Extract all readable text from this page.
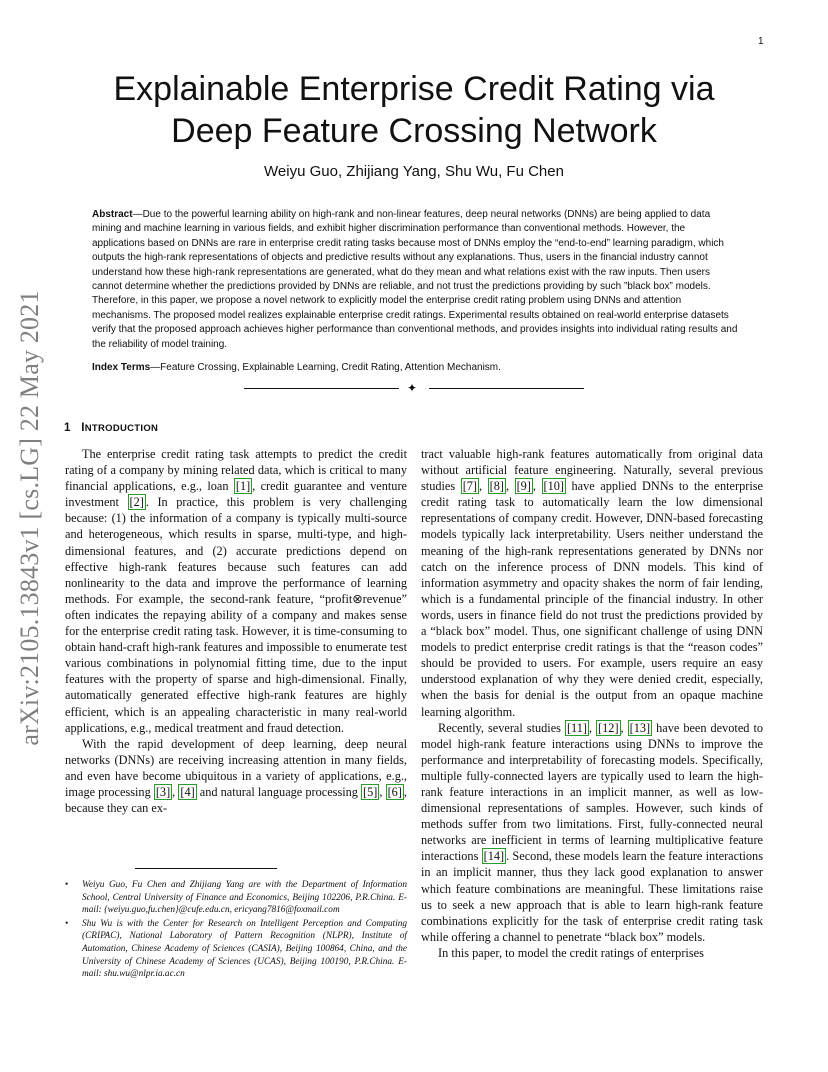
1
arXiv:2105.13843v1 [cs.LG] 22 May 2021
Explainable Enterprise Credit Rating via
Deep Feature Crossing Network
Weiyu Guo, Zhijiang Yang, Shu Wu, Fu Chen
Abstract—Due to the powerful learning ability on high-rank and non-linear features, deep neural networks (DNNs) are being applied to data mining and machine learning in various fields, and exhibit higher discrimination performance than conventional methods. However, the applications based on DNNs are rare in enterprise credit rating tasks because most of DNNs employ the “end-to-end” learning paradigm, which outputs the high-rank representations of objects and predictive results without any explanations. Thus, users in the financial industry cannot understand how these high-rank representations are generated, what do they mean and what relations exist with the raw inputs. Then users cannot determine whether the predictions provided by DNNs are reliable, and not trust the predictions providing by such ”black box” models. Therefore, in this paper, we propose a novel network to explicitly model the enterprise credit rating problem using DNNs and attention mechanisms. The proposed model realizes explainable enterprise credit ratings. Experimental results obtained on real-world enterprise datasets verify that the proposed approach achieves higher performance than conventional methods, and provides insights into individual rating results and the reliability of model training.
Index Terms—Feature Crossing, Explainable Learning, Credit Rating, Attention Mechanism.
✦
1 INTRODUCTION

The enterprise credit rating task attempts to predict the credit rating of a company by mining related data, which is critical to many financial applications, e.g., loan [1] , credit guarantee and venture investment [2] . In practice, this problem is very challenging because: (1) the information of a company is typically multi-source and heterogeneous, which results in sparse, multi-type, and high-dimensional features, and (2) accurate predictions depend on effective high-rank features because such features can add nonlinearity to the data and improve the performance of learning methods. For example, the second-rank feature, “profit⊗revenue” often indicates the repaying ability of a company and makes sense for the enterprise credit rating task. However, it is time-consuming to obtain hand-craft high-rank features and impossible to enumerate test various combinations in polynomial fitting time, due to the input features with the property of sparse and high-dimensional. Finally, automatically generated effective high-rank features are highly efficient, which is an appealing characteristic in many real-world applications, e.g., medical treatment and fraud detection.

With the rapid development of deep learning, deep neural networks (DNNs) are receiving increasing attention in many fields, and even have become ubiquitous in a variety of applications, e.g., image processing [3] , [4] and natural language processing [5] , [6] , because they can ex-

• Weiyu Guo, Fu Chen and Zhijiang Yang are with the Department of Information School, Central University of Finance and Economics, Beijing 102206, P.R.China. E-mail: {weiyu.guo,fu.chen}@cufe.edu.cn, ericyang7816@foxmail.com
• Shu Wu is with the Center for Research on Intelligent Perception and Computing (CRIPAC), National Laboratory of Pattern Recognition (NLPR), Institute of Automation, Chinese Academy of Sciences (CASIA), Beijing 100864, China, and the University of Chinese Academy of Sciences (UCAS), Beijing 100190, P.R.China. E-mail: shu.wu@nlpr.ia.ac.cn

tract valuable high-rank features automatically from original data without artificial feature engineering. Naturally, several previous studies [7] , [8] , [9] , [10] have applied DNNs to the enterprise credit rating task to automatically learn the low dimensional representations of company credit. However, DNN-based forecasting models typically lack interpretability. Users neither understand the meaning of the high-rank representations generated by DNNs nor catch on the inference process of DNN models. This kind of information asymmetry and opacity shakes the norm of fair lending, which is a fundamental principle of the financial industry. In other words, users in finance field do not trust the predictions provided by a “black box” model. Thus, one significant challenge of using DNN models to predict enterprise credit ratings is that the “reason codes” should be provided to users. For example, users require an easy understood explanation of why they were denied credit, especially, when the basis for denial is the output from an opaque machine learning algorithm.

Recently, several studies [11] , [12] , [13] have been devoted to model high-rank feature interactions using DNNs to improve the performance and interpretability of forecasting models. Specifically, multiple fully-connected layers are typically used to learn the high-rank feature interactions in an implicit manner, as well as low-dimensional representations of samples. However, such kinds of methods suffer from two limitations. First, fully-connected neural networks are inefficient in terms of learning multiplicative feature interactions [14] . Second, these models learn the feature interactions in an implicit manner, thus they lack good explanation to answer which feature combinations are meaningful. These limitations raise us to seek a new approach that is able to learn high-rank feature combinations explicitly for the task of enterprise credit rating task while offering a channel to penetrate “black box” models.

In this paper, to model the credit ratings of enterprises
